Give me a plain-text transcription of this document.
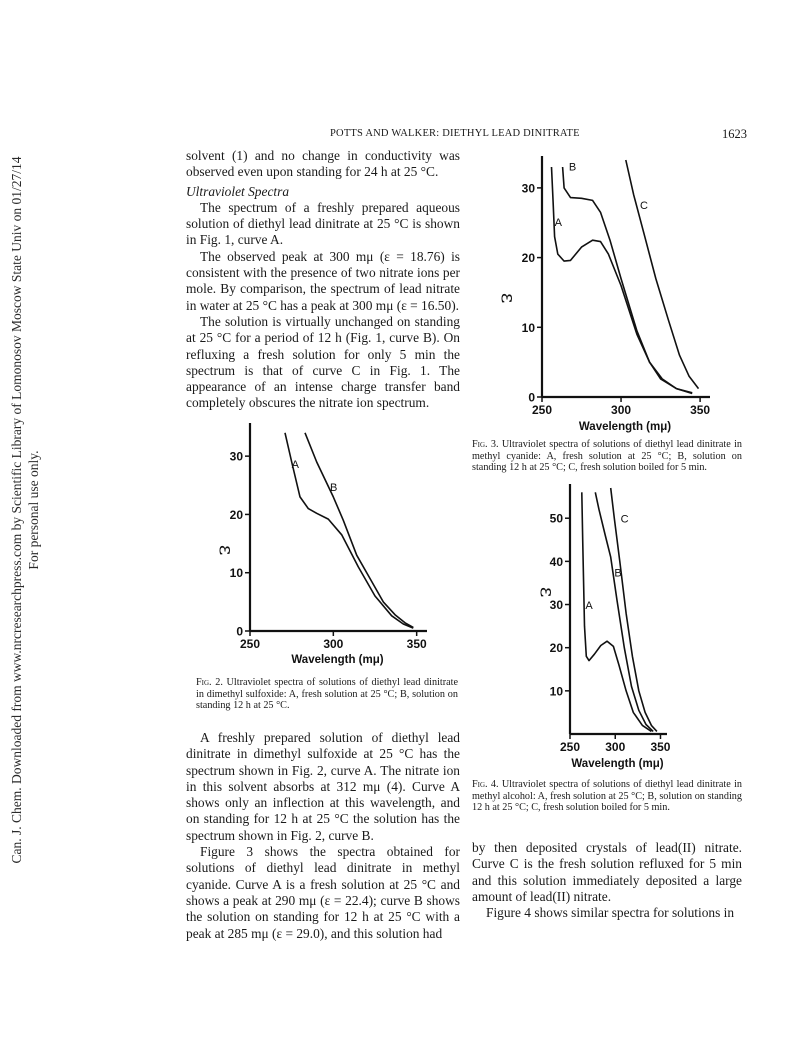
Can. J. Chem. Downloaded from www.nrcresearchpress.com by Scientific Library of Lomonosov Moscow State Univ on 01/27/14 For personal use only.
POTTS AND WALKER: DIETHYL LEAD DINITRATE	1623

solvent (1) and no change in conductivity was observed even upon standing for 24 h at 25 °C.

Ultraviolet Spectra

The spectrum of a freshly prepared aqueous solution of diethyl lead dinitrate at 25 °C is shown in Fig. 1, curve A.

The observed peak at 300 mμ (ε = 18.76) is consistent with the presence of two nitrate ions per mole. By comparison, the spectrum of lead nitrate in water at 25 °C has a peak at 300 mμ (ε = 16.50).

The solution is virtually unchanged on standing at 25 °C for a period of 12 h (Fig. 1, curve B). On refluxing a fresh solution for only 5 min the spectrum is that of curve C in Fig. 1. The appearance of an intense charge transfer band completely obscures the nitrate ion spectrum.

0
10
20
30
250	300	350
Wavelength (mμ)
ε
A
B
Fig. 2. Ultraviolet spectra of solutions of diethyl lead dinitrate in dimethyl sulfoxide: A, fresh solution at 25 °C; B, solution on standing 12 h at 25 °C.

A freshly prepared solution of diethyl lead dinitrate in dimethyl sulfoxide at 25 °C has the spectrum shown in Fig. 2, curve A. The nitrate ion in this solvent absorbs at 312 mμ (4). Curve A shows only an inflection at this wavelength, and on standing for 12 h at 25 °C the solution has the spectrum shown in Fig. 2, curve B.

Figure 3 shows the spectra obtained for solutions of diethyl lead dinitrate in methyl cyanide. Curve A is a fresh solution at 25 °C and shows a peak at 290 mμ (ε = 22.4); curve B shows the solution on standing for 12 h at 25 °C with a peak at 285 mμ (ε = 29.0), and this solution had

0
10
20
30
250	300	350
Wavelength (mμ)
ε
A
B
C
Fig. 3. Ultraviolet spectra of solutions of diethyl lead dinitrate in methyl cyanide: A, fresh solution at 25 °C; B, solution on standing 12 h at 25 °C; C, fresh solution boiled for 5 min.
10
20
30
40
50
250 300 350
Wavelength (mμ)
ε
A
B
C
Fig. 4. Ultraviolet spectra of solutions of diethyl lead dinitrate in methyl alcohol: A, fresh solution at 25 °C; B, solution on standing 12 h at 25 °C; C, fresh solution boiled for 5 min.

by then deposited crystals of lead(II) nitrate. Curve C is the fresh solution refluxed for 5 min and this solution immediately deposited a large amount of lead(II) nitrate.

Figure 4 shows similar spectra for solutions in
